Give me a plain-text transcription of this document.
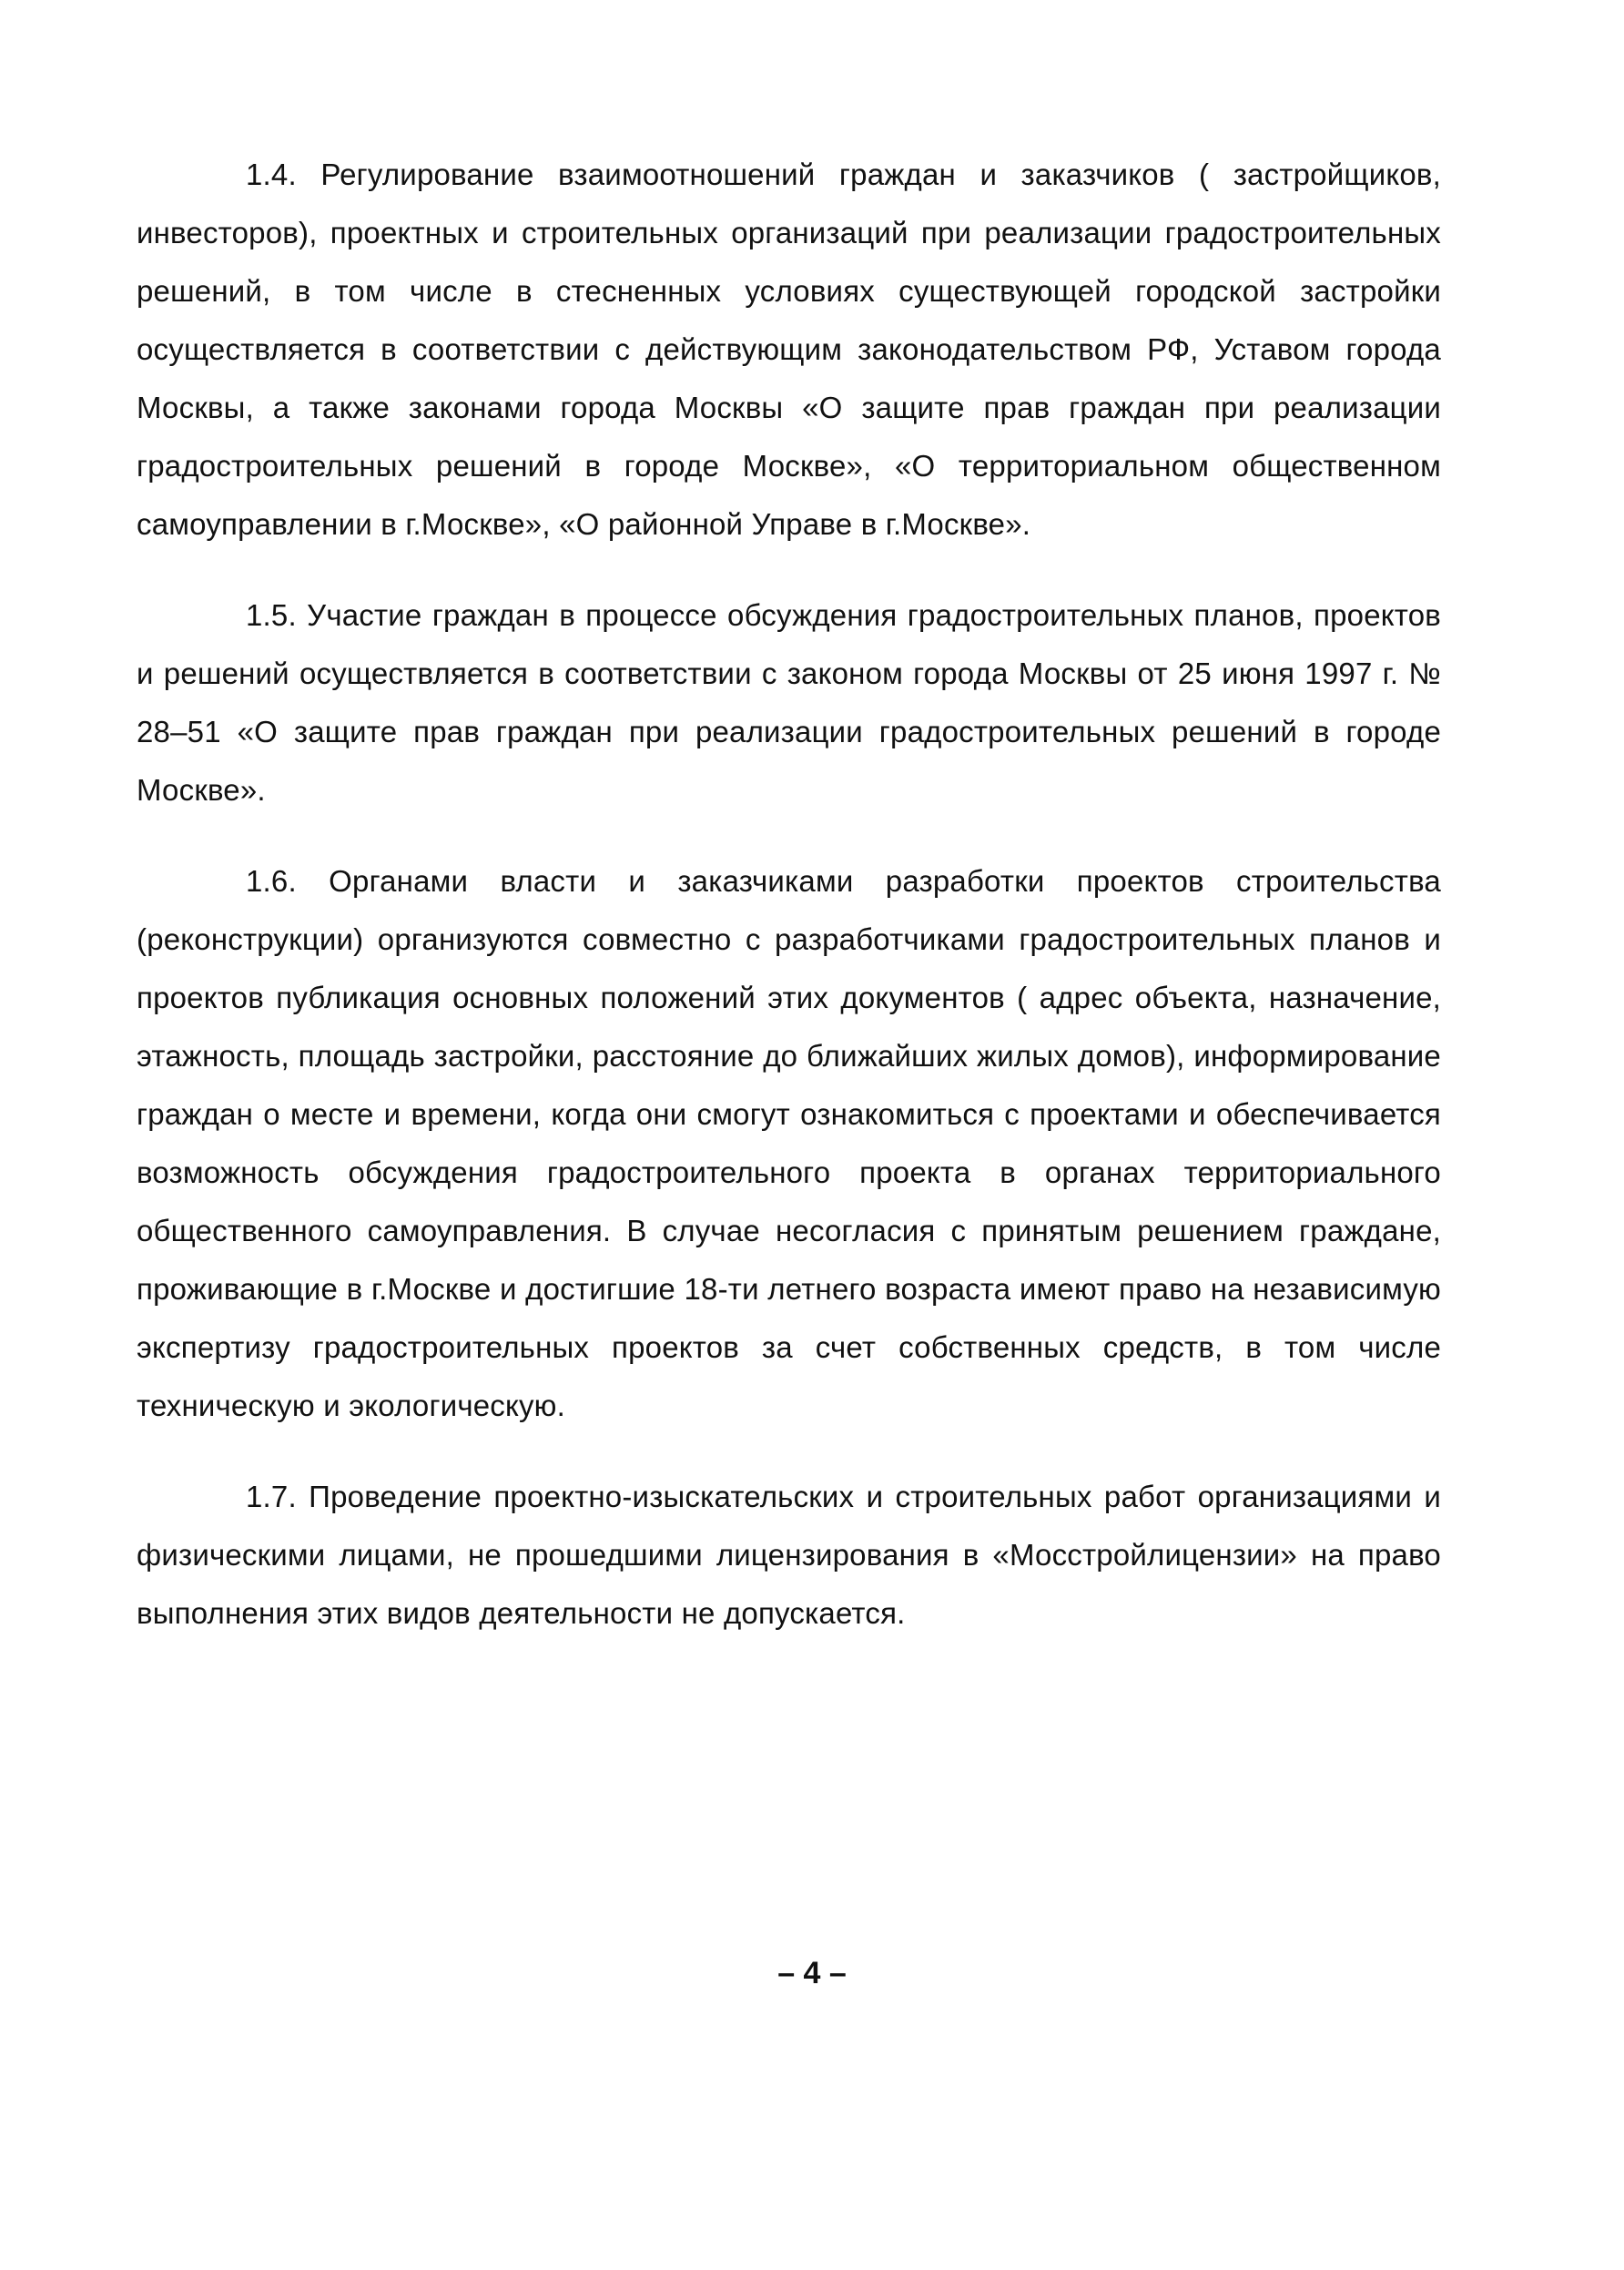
1.4. Регулирование взаимоотношений граждан и заказчиков ( застройщиков, инвесторов), проектных и строительных организаций при реализации градостроительных решений, в том числе в стесненных условиях существующей городской застройки осуществляется в соответствии с действующим законодательством РФ, Уставом города Москвы, а также законами города Москвы «О защите прав граждан при реализации градостроительных решений в городе Москве», «О территориальном общественном самоуправлении в г.Москве», «О районной Управе в г.Москве».

1.5. Участие граждан в процессе обсуждения градостроительных планов, проектов и решений осуществляется в соответствии с законом города Москвы от 25 июня 1997 г. № 28–51 «О защите прав граждан при реализации градостроительных решений в городе Москве».

1.6. Органами власти и заказчиками разработки проектов строительства (реконструкции) организуются совместно с разработчиками градостроительных планов и проектов публикация основных положений этих документов ( адрес объекта, назначение, этажность, площадь застройки, расстояние до ближайших жилых домов), информирование граждан о месте и времени, когда они смогут ознакомиться с проектами и обеспечивается возможность обсуждения градостроительного проекта в органах территориального общественного самоуправления. В случае несогласия с принятым решением граждане, проживающие в г.Москве и достигшие 18-ти летнего возраста имеют право на независимую экспертизу градостроительных проектов за счет собственных средств, в том числе техническую и экологическую.

1.7. Проведение проектно-изыскательских и строительных работ организациями и физическими лицами, не прошедшими лицензирования в «Мосстройлицензии» на право выполнения этих видов деятельности не допускается.

– 4 –
